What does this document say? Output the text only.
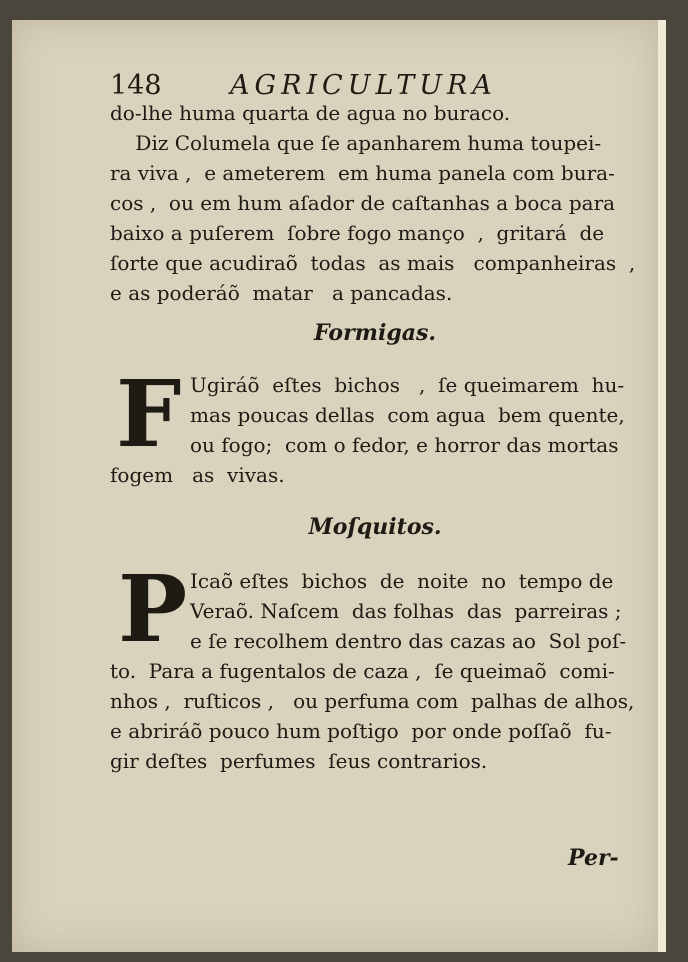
148	AGRICULTURA

do-lhe huma quarta de agua no buraco.

Diz Columela que ſe apanharem huma toupei-

ra viva ,  e ameterem  em huma panela com bura-

cos ,  ou em hum aſador de caſtanhas a boca para

baixo a puſerem  ſobre fogo manço  ,  gritará  de

ſorte que acudiraõ  todas  as mais   companheiras  ,

e as poderáõ  matar   a pancadas.

Formigas.
F Ugiráõ  eſtes  bichos   ,  ſe queimarem  hu-

mas poucas dellas  com agua  bem quente,

ou fogo;  com o fedor, e horror das mortas

fogem   as  vivas.

Moſquitos.
P Icaõ eſtes  bichos  de  noite  no  tempo de

Veraõ. Naſcem  das folhas  das  parreiras ;

e ſe recolhem dentro das cazas ao  Sol poſ-

to.  Para a fugentalos de caza ,  ſe queimaõ  comi-

nhos ,  ruſticos ,   ou perfuma com  palhas de alhos,

e abriráõ pouco hum poſtigo  por onde poſſaõ  fu-

gir deſtes  perfumes  ſeus contrarios.

Per-
